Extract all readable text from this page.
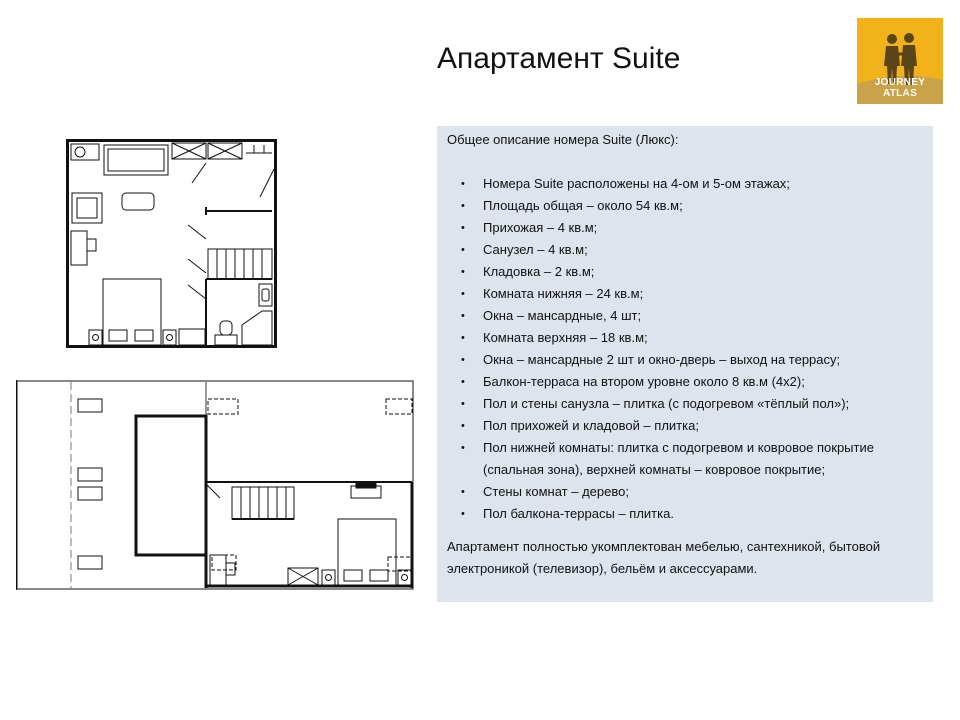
Апартамент Suite
JOURNEY ATLAS
Общее описание номера Suite (Люкс):
• Номера Suite расположены на 4-ом и 5-ом этажах;
• Площадь общая – около 54 кв.м;
• Прихожая – 4 кв.м;
• Санузел – 4 кв.м;
• Кладовка – 2 кв.м;
• Комната нижняя – 24 кв.м;
• Окна – мансардные, 4 шт;
• Комната верхняя – 18 кв.м;
• Окна – мансардные 2 шт и окно-дверь – выход на террасу;
• Балкон-терраса на втором уровне около 8 кв.м (4х2);
• Пол и стены санузла – плитка (с подогревом «тёплый пол»);
• Пол прихожей и кладовой – плитка;
• Пол нижней комнаты: плитка с подогревом и ковровое покрытие (спальная зона), верхней комнаты – ковровое покрытие;
• Стены комнат – дерево;
• Пол балкона-террасы – плитка.
Апартамент полностью укомплектован мебелью, сантехникой, бытовой электроникой (телевизор), бельём и аксессуарами.
